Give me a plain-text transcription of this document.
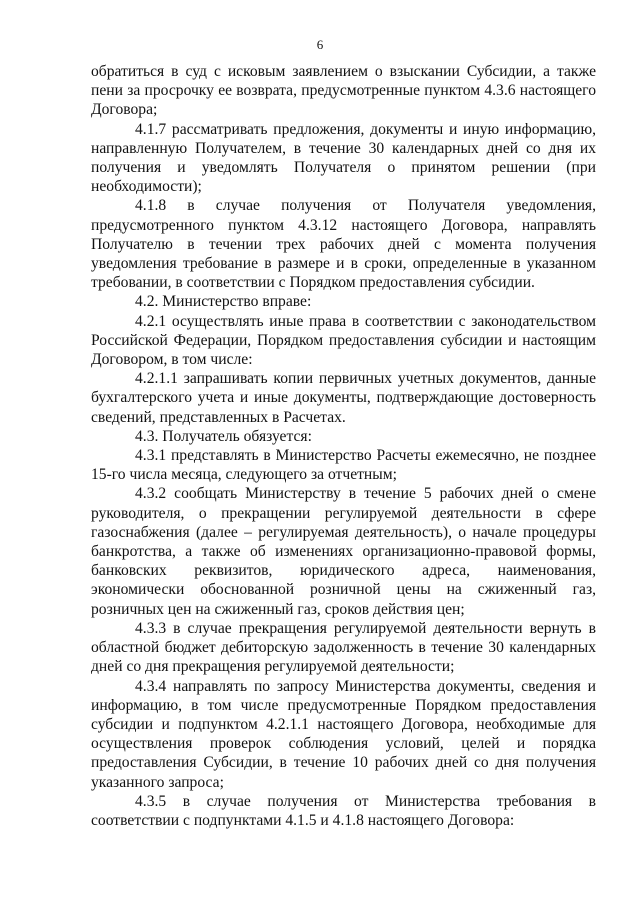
6

обратиться в суд с исковым заявлением о взыскании Субсидии, а также пени за просрочку ее возврата, предусмотренные пунктом 4.3.6 настоящего Договора;

4.1.7 рассматривать предложения, документы и иную информацию, направленную Получателем, в течение 30 календарных дней со дня их получения и уведомлять Получателя о принятом решении (при необходимости);

4.1.8 в случае получения от Получателя уведомления, предусмотренного пунктом 4.3.12 настоящего Договора, направлять Получателю в течении трех рабочих дней с момента получения уведомления требование в размере и в сроки, определенные в указанном требовании, в соответствии с Порядком предоставления субсидии.

4.2. Министерство вправе:

4.2.1 осуществлять иные права в соответствии с законодательством Российской Федерации, Порядком предоставления субсидии и настоящим Договором, в том числе:

4.2.1.1 запрашивать копии первичных учетных документов, данные бухгалтерского учета и иные документы, подтверждающие достоверность сведений, представленных в Расчетах.

4.3. Получатель обязуется:

4.3.1 представлять в Министерство Расчеты ежемесячно, не позднее 15-го числа месяца, следующего за отчетным;

4.3.2 сообщать Министерству в течение 5 рабочих дней о смене руководителя, о прекращении регулируемой деятельности в сфере газоснабжения (далее – регулируемая деятельность), о начале процедуры банкротства, а также об изменениях организационно-правовой формы, банковских реквизитов, юридического адреса, наименования, экономически обоснованной розничной цены на сжиженный газ, розничных цен на сжиженный газ, сроков действия цен;

4.3.3 в случае прекращения регулируемой деятельности вернуть в областной бюджет дебиторскую задолженность в течение 30 календарных дней со дня прекращения регулируемой деятельности;

4.3.4 направлять по запросу Министерства документы, сведения и информацию, в том числе предусмотренные Порядком предоставления субсидии и подпунктом 4.2.1.1 настоящего Договора, необходимые для осуществления проверок соблюдения условий, целей и порядка предоставления Субсидии, в течение 10 рабочих дней со дня получения указанного запроса;

4.3.5 в случае получения от Министерства требования в соответствии с подпунктами 4.1.5 и 4.1.8 настоящего Договора:
